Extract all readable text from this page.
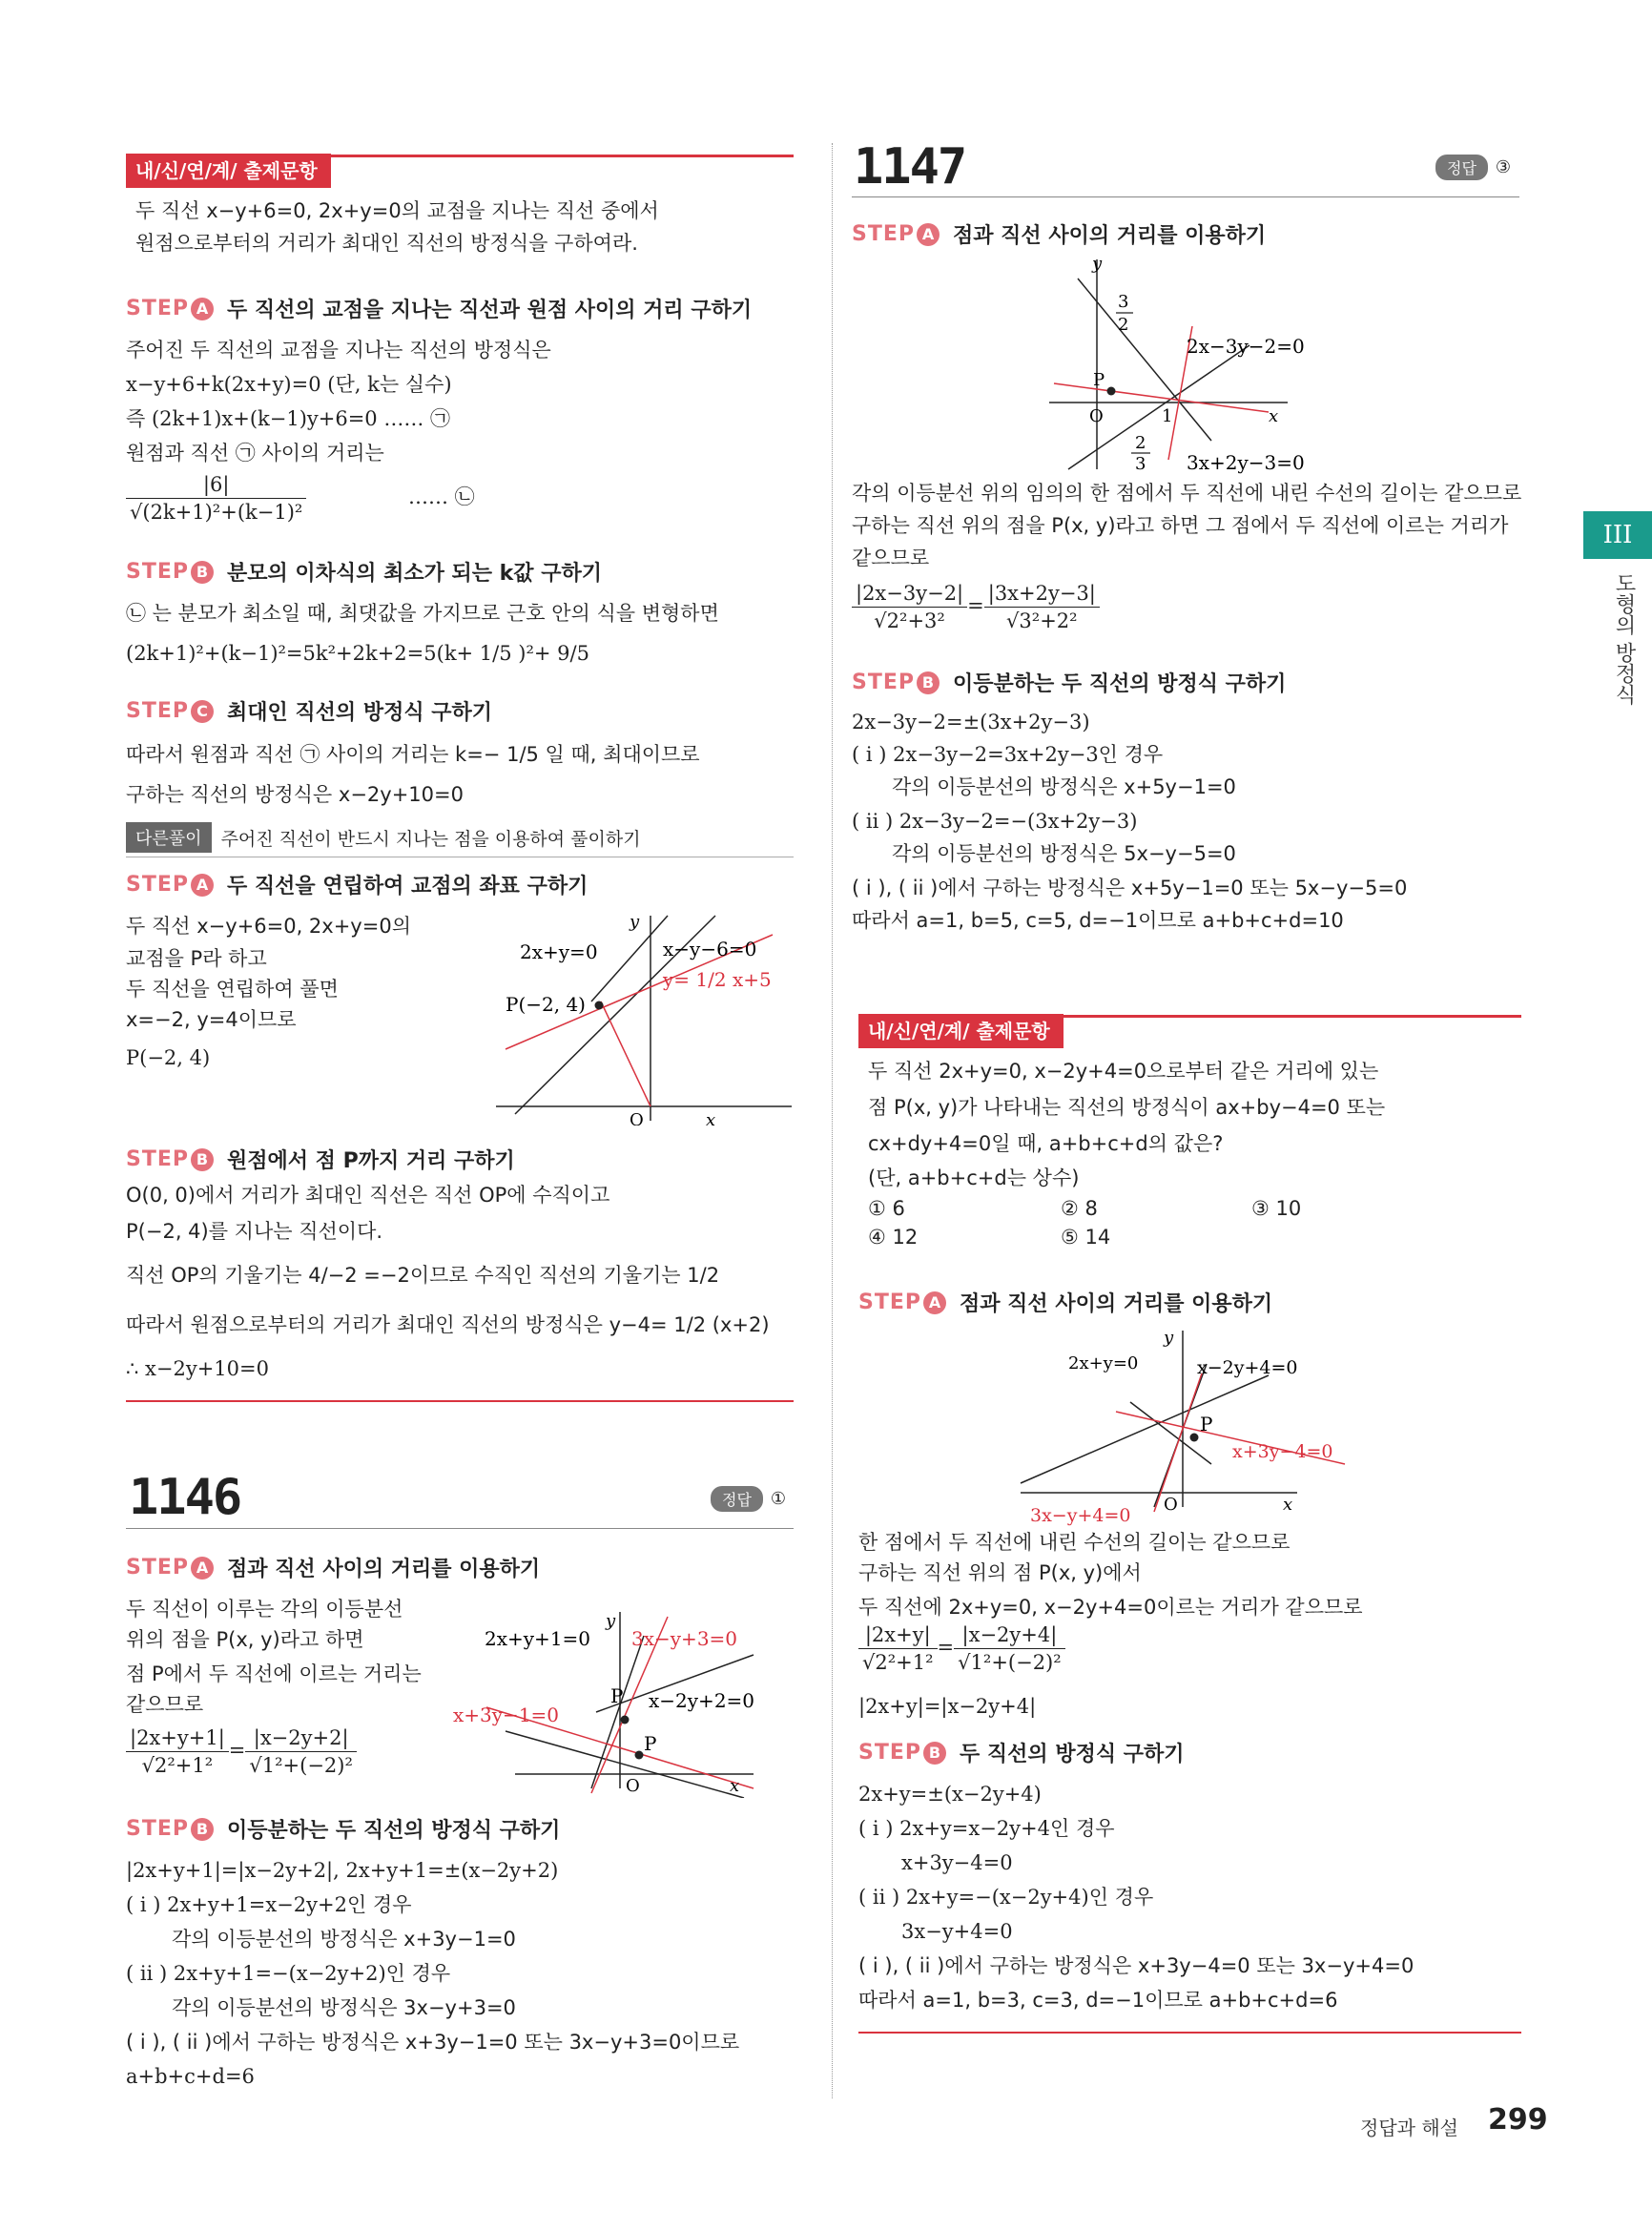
내/신/연/계/ 출제문항
두 직선 x−y+6=0, 2x+y=0의 교점을 지나는 직선 중에서
원점으로부터의 거리가 최대인 직선의 방정식을 구하여라.
STEP A 두 직선의 교점을 지나는 직선과 원점 사이의 거리 구하기
주어진 두 직선의 교점을 지나는 직선의 방정식은
x−y+6+k(2x+y)=0 (단, k는 실수)
즉 (2k+1)x+(k−1)y+6=0 …… ㉠
원점과 직선 ㉠ 사이의 거리는
$\frac{|6|}{\text{√(2k+1)²+(k−1)²}}$	…… ㉡
STEP B 분모의 이차식의 최소가 되는 k값 구하기
㉡ 는 분모가 최소일 때, 최댓값을 가지므로 근호 안의 식을 변형하면
(2k+1)²+(k−1)²=5k²+2k+2=5(k+ 1/5 )²+ 9/5
STEP C 최대인 직선의 방정식 구하기
따라서 원점과 직선 ㉠ 사이의 거리는 k=− 1/5 일 때, 최대이므로
구하는 직선의 방정식은 x−2y+10=0
다른풀이	주어진 직선이 반드시 지나는 점을 이용하여 풀이하기
STEP A 두 직선을 연립하여 교점의 좌표 구하기
두 직선 x−y+6=0, 2x+y=0의
교점을 P라 하고
두 직선을 연립하여 풀면
x=−2, y=4이므로
P(−2, 4)
2x+y=0	x−y−6=0
y= 1/2 x+5
P(−2, 4)
O	x
y
STEP B 원점에서 점 P까지 거리 구하기
O(0, 0)에서 거리가 최대인 직선은 직선 OP에 수직이고
P(−2, 4)를 지나는 직선이다.
직선 OP의 기울기는 4/−2 =−2이므로 수직인 직선의 기울기는 1/2
따라서 원점으로부터의 거리가 최대인 직선의 방정식은 y−4= 1/2 (x+2)
∴ x−2y+10=0
1146	정답	①
STEP A 점과 직선 사이의 거리를 이용하기
두 직선이 이루는 각의 이등분선
위의 점을 P(x, y)라고 하면
점 P에서 두 직선에 이르는 거리는
같으므로
$\frac{|2x+y+1|}{\text{√2²+1²}} = \frac{|x-2y+2|}{\text{√1²+(−2)²}}$
2x+y+1=0 3x−y+3=0
x−2y+2=0
x+3y−1=0
P
P
O	x
y
STEP B 이등분하는 두 직선의 방정식 구하기
|2x+y+1|=|x−2y+2|, 2x+y+1=±(x−2y+2)
( i ) 2x+y+1=x−2y+2인 경우
각의 이등분선의 방정식은 x+3y−1=0
( ii ) 2x+y+1=−(x−2y+2)인 경우
각의 이등분선의 방정식은 3x−y+3=0
( i ), ( ii )에서 구하는 방정식은 x+3y−1=0 또는 3x−y+3=0이므로
a+b+c+d=6
1147	정답	③
STEP A 점과 직선 사이의 거리를 이용하기
3
2
2
3
2x−3y−2=0
3x+2y−3=0
P
O	1	x
y
각의 이등분선 위의 임의의 한 점에서 두 직선에 내린 수선의 길이는 같으므로
구하는 직선 위의 점을 P(x, y)라고 하면 그 점에서 두 직선에 이르는 거리가
같으므로
$\frac{|2x-3y-2|}{\text{√2²+3²}} = \frac{|3x+2y-3|}{\text{√3²+2²}}$
STEP B 이등분하는 두 직선의 방정식 구하기
2x−3y−2=±(3x+2y−3)
( i ) 2x−3y−2=3x+2y−3인 경우
각의 이등분선의 방정식은 x+5y−1=0
( ii ) 2x−3y−2=−(3x+2y−3)
각의 이등분선의 방정식은 5x−y−5=0
( i ), ( ii )에서 구하는 방정식은 x+5y−1=0 또는 5x−y−5=0
따라서 a=1, b=5, c=5, d=−1이므로 a+b+c+d=10
내/신/연/계/ 출제문항
두 직선 2x+y=0, x−2y+4=0으로부터 같은 거리에 있는
점 P(x, y)가 나타내는 직선의 방정식이 ax+by−4=0 또는
cx+dy+4=0일 때, a+b+c+d의 값은?
(단, a+b+c+d는 상수)
① 6	② 8	③ 10
④ 12	⑤ 14
STEP A 점과 직선 사이의 거리를 이용하기
2x+y=0	x−2y+4=0
x+3y−4=0
3x−y+4=0
P
O	x
y
한 점에서 두 직선에 내린 수선의 길이는 같으므로
구하는 직선 위의 점 P(x, y)에서
두 직선에 2x+y=0, x−2y+4=0이르는 거리가 같으므로
$\frac{|2x+y|}{\text{√2²+1²}} = \frac{|x-2y+4|}{\text{√1²+(−2)²}}$
|2x+y|=|x−2y+4|
STEP B 두 직선의 방정식 구하기
2x+y=±(x−2y+4)
( i ) 2x+y=x−2y+4인 경우
x+3y−4=0
( ii ) 2x+y=−(x−2y+4)인 경우
3x−y+4=0
( i ), ( ii )에서 구하는 방정식은 x+3y−4=0 또는 3x−y+4=0
따라서 a=1, b=3, c=3, d=−1이므로 a+b+c+d=6
III
도형의 방정식
정답과 해설 299
